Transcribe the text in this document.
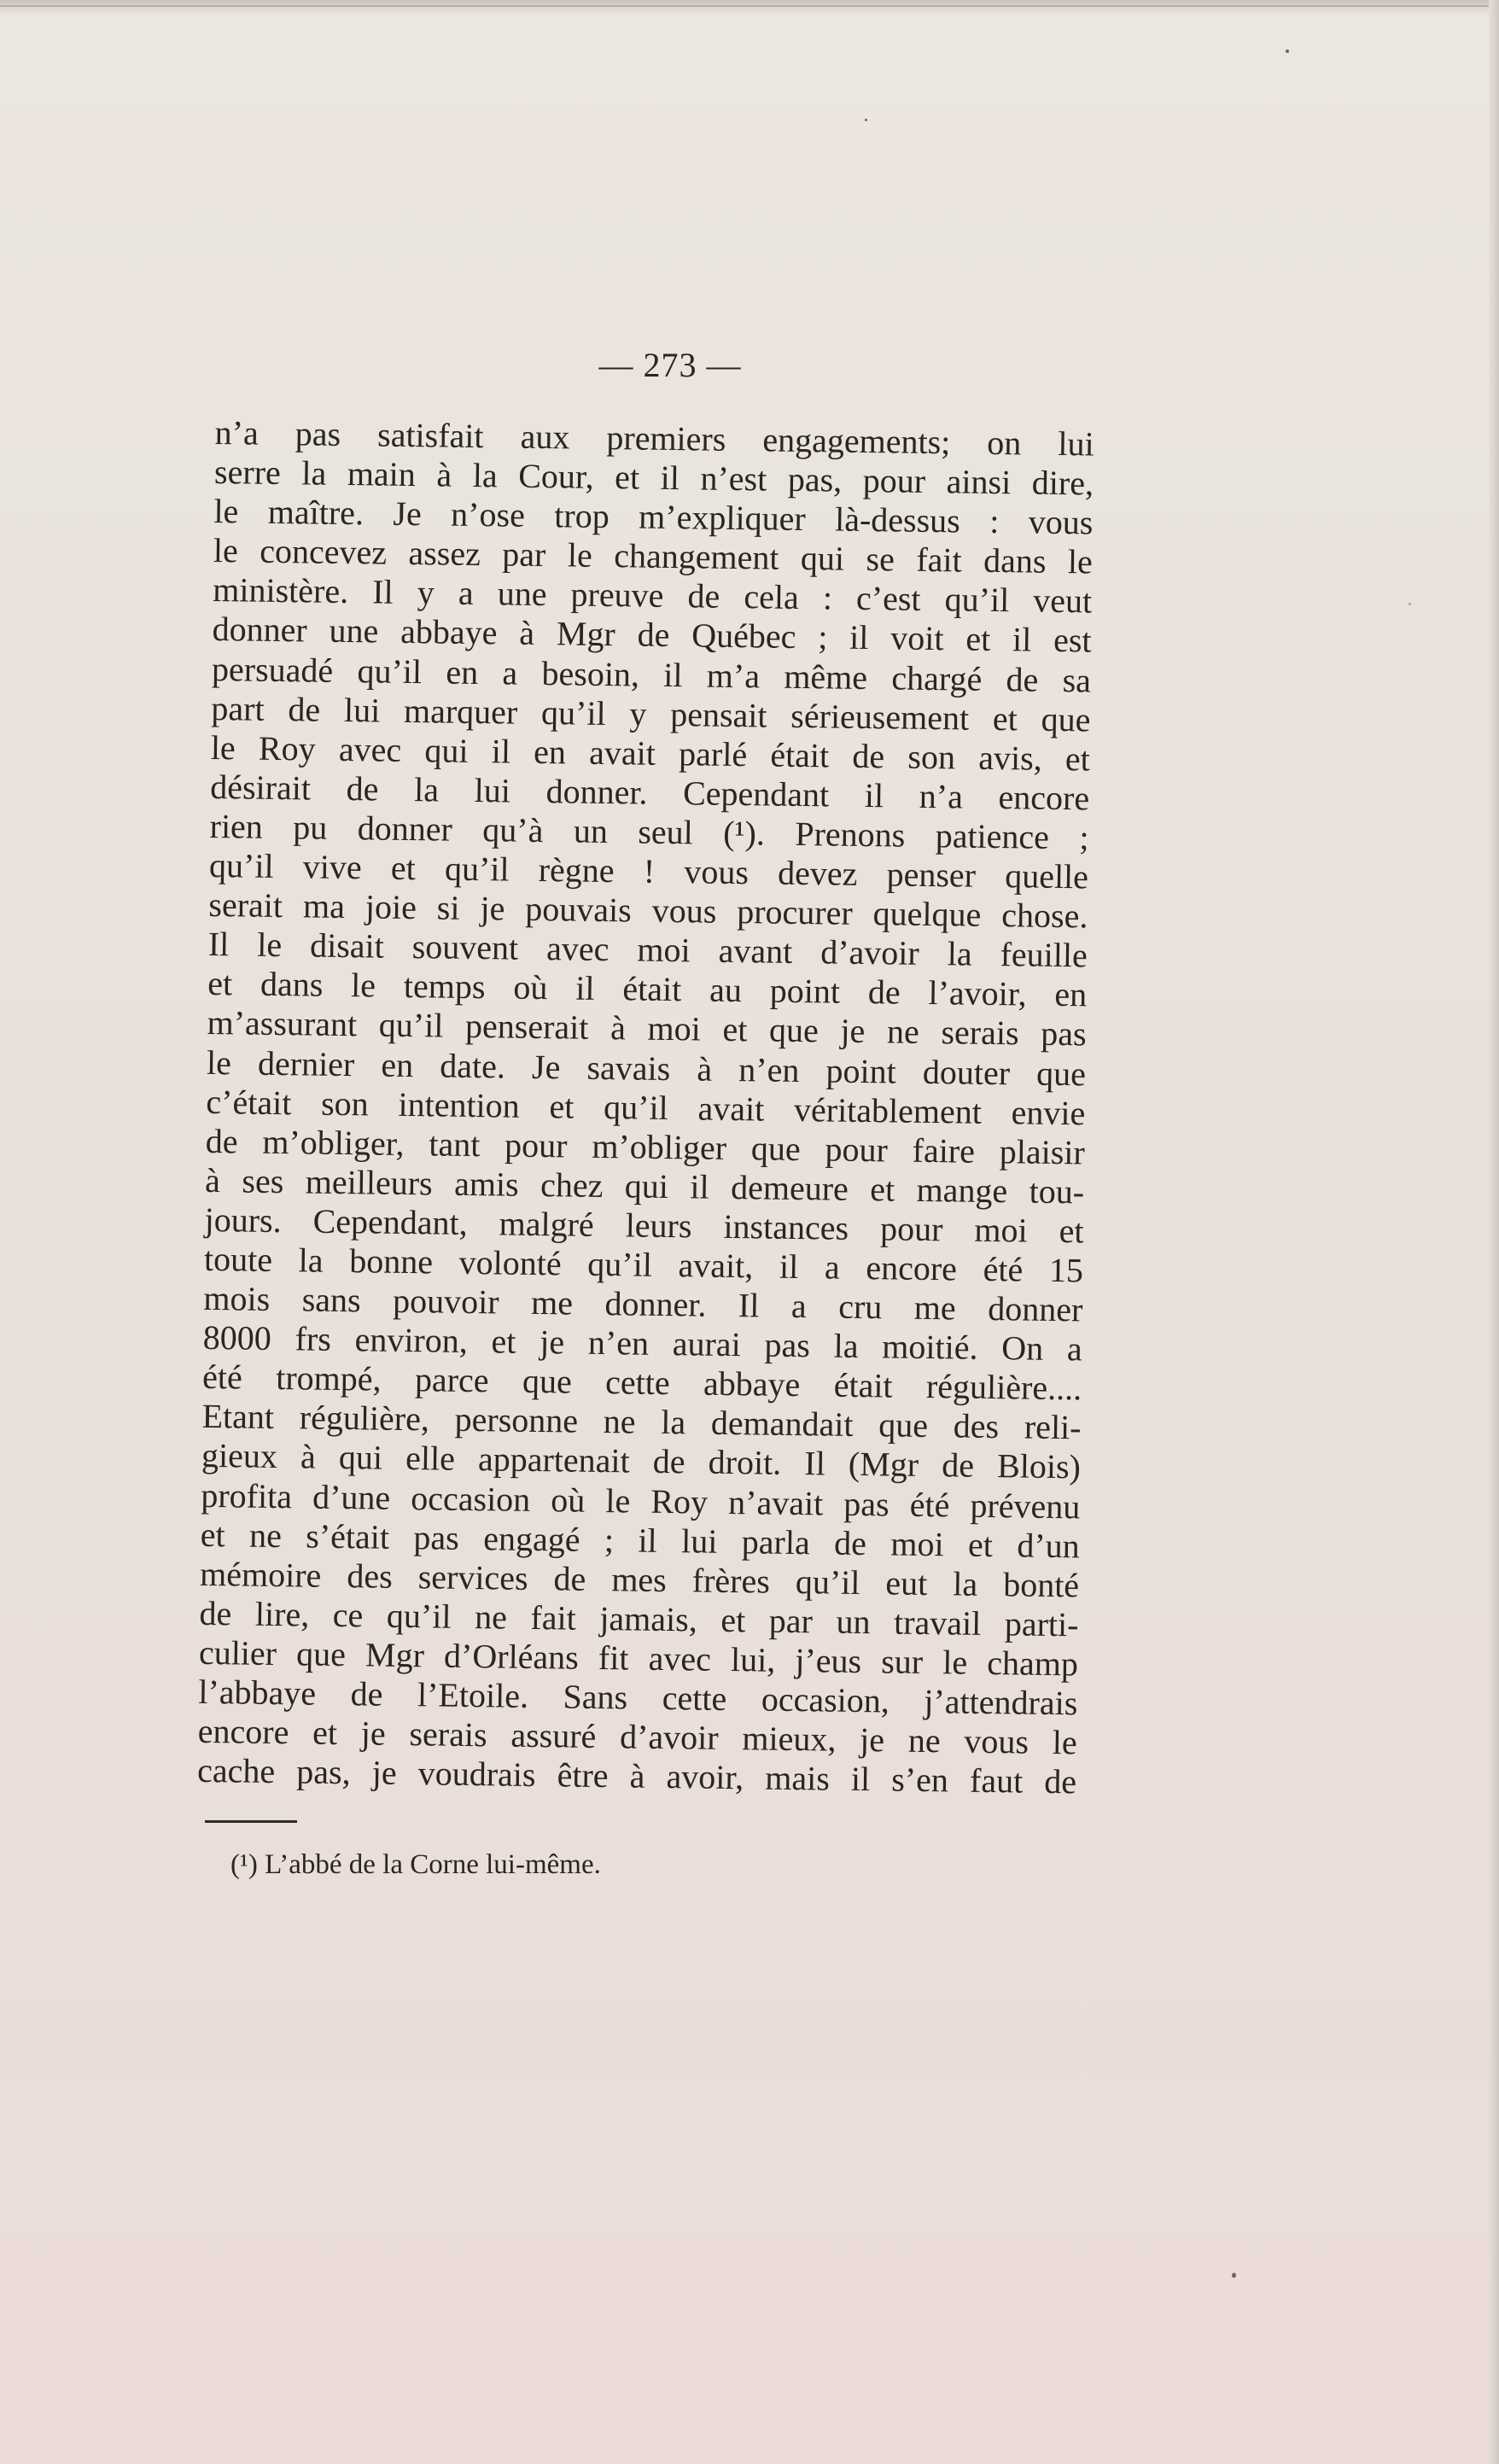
— 273 —
n’a pas satisfait aux premiers engagements; on lui
serre la main à la Cour, et il n’est pas, pour ainsi dire,
le maître. Je n’ose trop m’expliquer là-dessus : vous
le concevez assez par le changement qui se fait dans le
ministère. Il y a une preuve de cela : c’est qu’il veut
donner une abbaye à Mgr de Québec ; il voit et il est
persuadé qu’il en a besoin, il m’a même chargé de sa
part de lui marquer qu’il y pensait sérieusement et que
le Roy avec qui il en avait parlé était de son avis, et
désirait de la lui donner. Cependant il n’a encore
rien pu donner qu’à un seul (¹). Prenons patience ;
qu’il vive et qu’il règne ! vous devez penser quelle
serait ma joie si je pouvais vous procurer quelque chose.
Il le disait souvent avec moi avant d’avoir la feuille
et dans le temps où il était au point de l’avoir, en
m’assurant qu’il penserait à moi et que je ne serais pas
le dernier en date. Je savais à n’en point douter que
c’était son intention et qu’il avait véritablement envie
de m’obliger, tant pour m’obliger que pour faire plaisir
à ses meilleurs amis chez qui il demeure et mange tou-
jours. Cependant, malgré leurs instances pour moi et
toute la bonne volonté qu’il avait, il a encore été 15
mois sans pouvoir me donner. Il a cru me donner
8000 frs environ, et je n’en aurai pas la moitié. On a
été trompé, parce que cette abbaye était régulière....
Etant régulière, personne ne la demandait que des reli-
gieux à qui elle appartenait de droit. Il (Mgr de Blois)
profita d’une occasion où le Roy n’avait pas été prévenu
et ne s’était pas engagé ; il lui parla de moi et d’un
mémoire des services de mes frères qu’il eut la bonté
de lire, ce qu’il ne fait jamais, et par un travail parti-
culier que Mgr d’Orléans fit avec lui, j’eus sur le champ
l’abbaye de l’Etoile. Sans cette occasion, j’attendrais
encore et je serais assuré d’avoir mieux, je ne vous le
cache pas, je voudrais être à avoir, mais il s’en faut de
(¹) L’abbé de la Corne lui-même.
